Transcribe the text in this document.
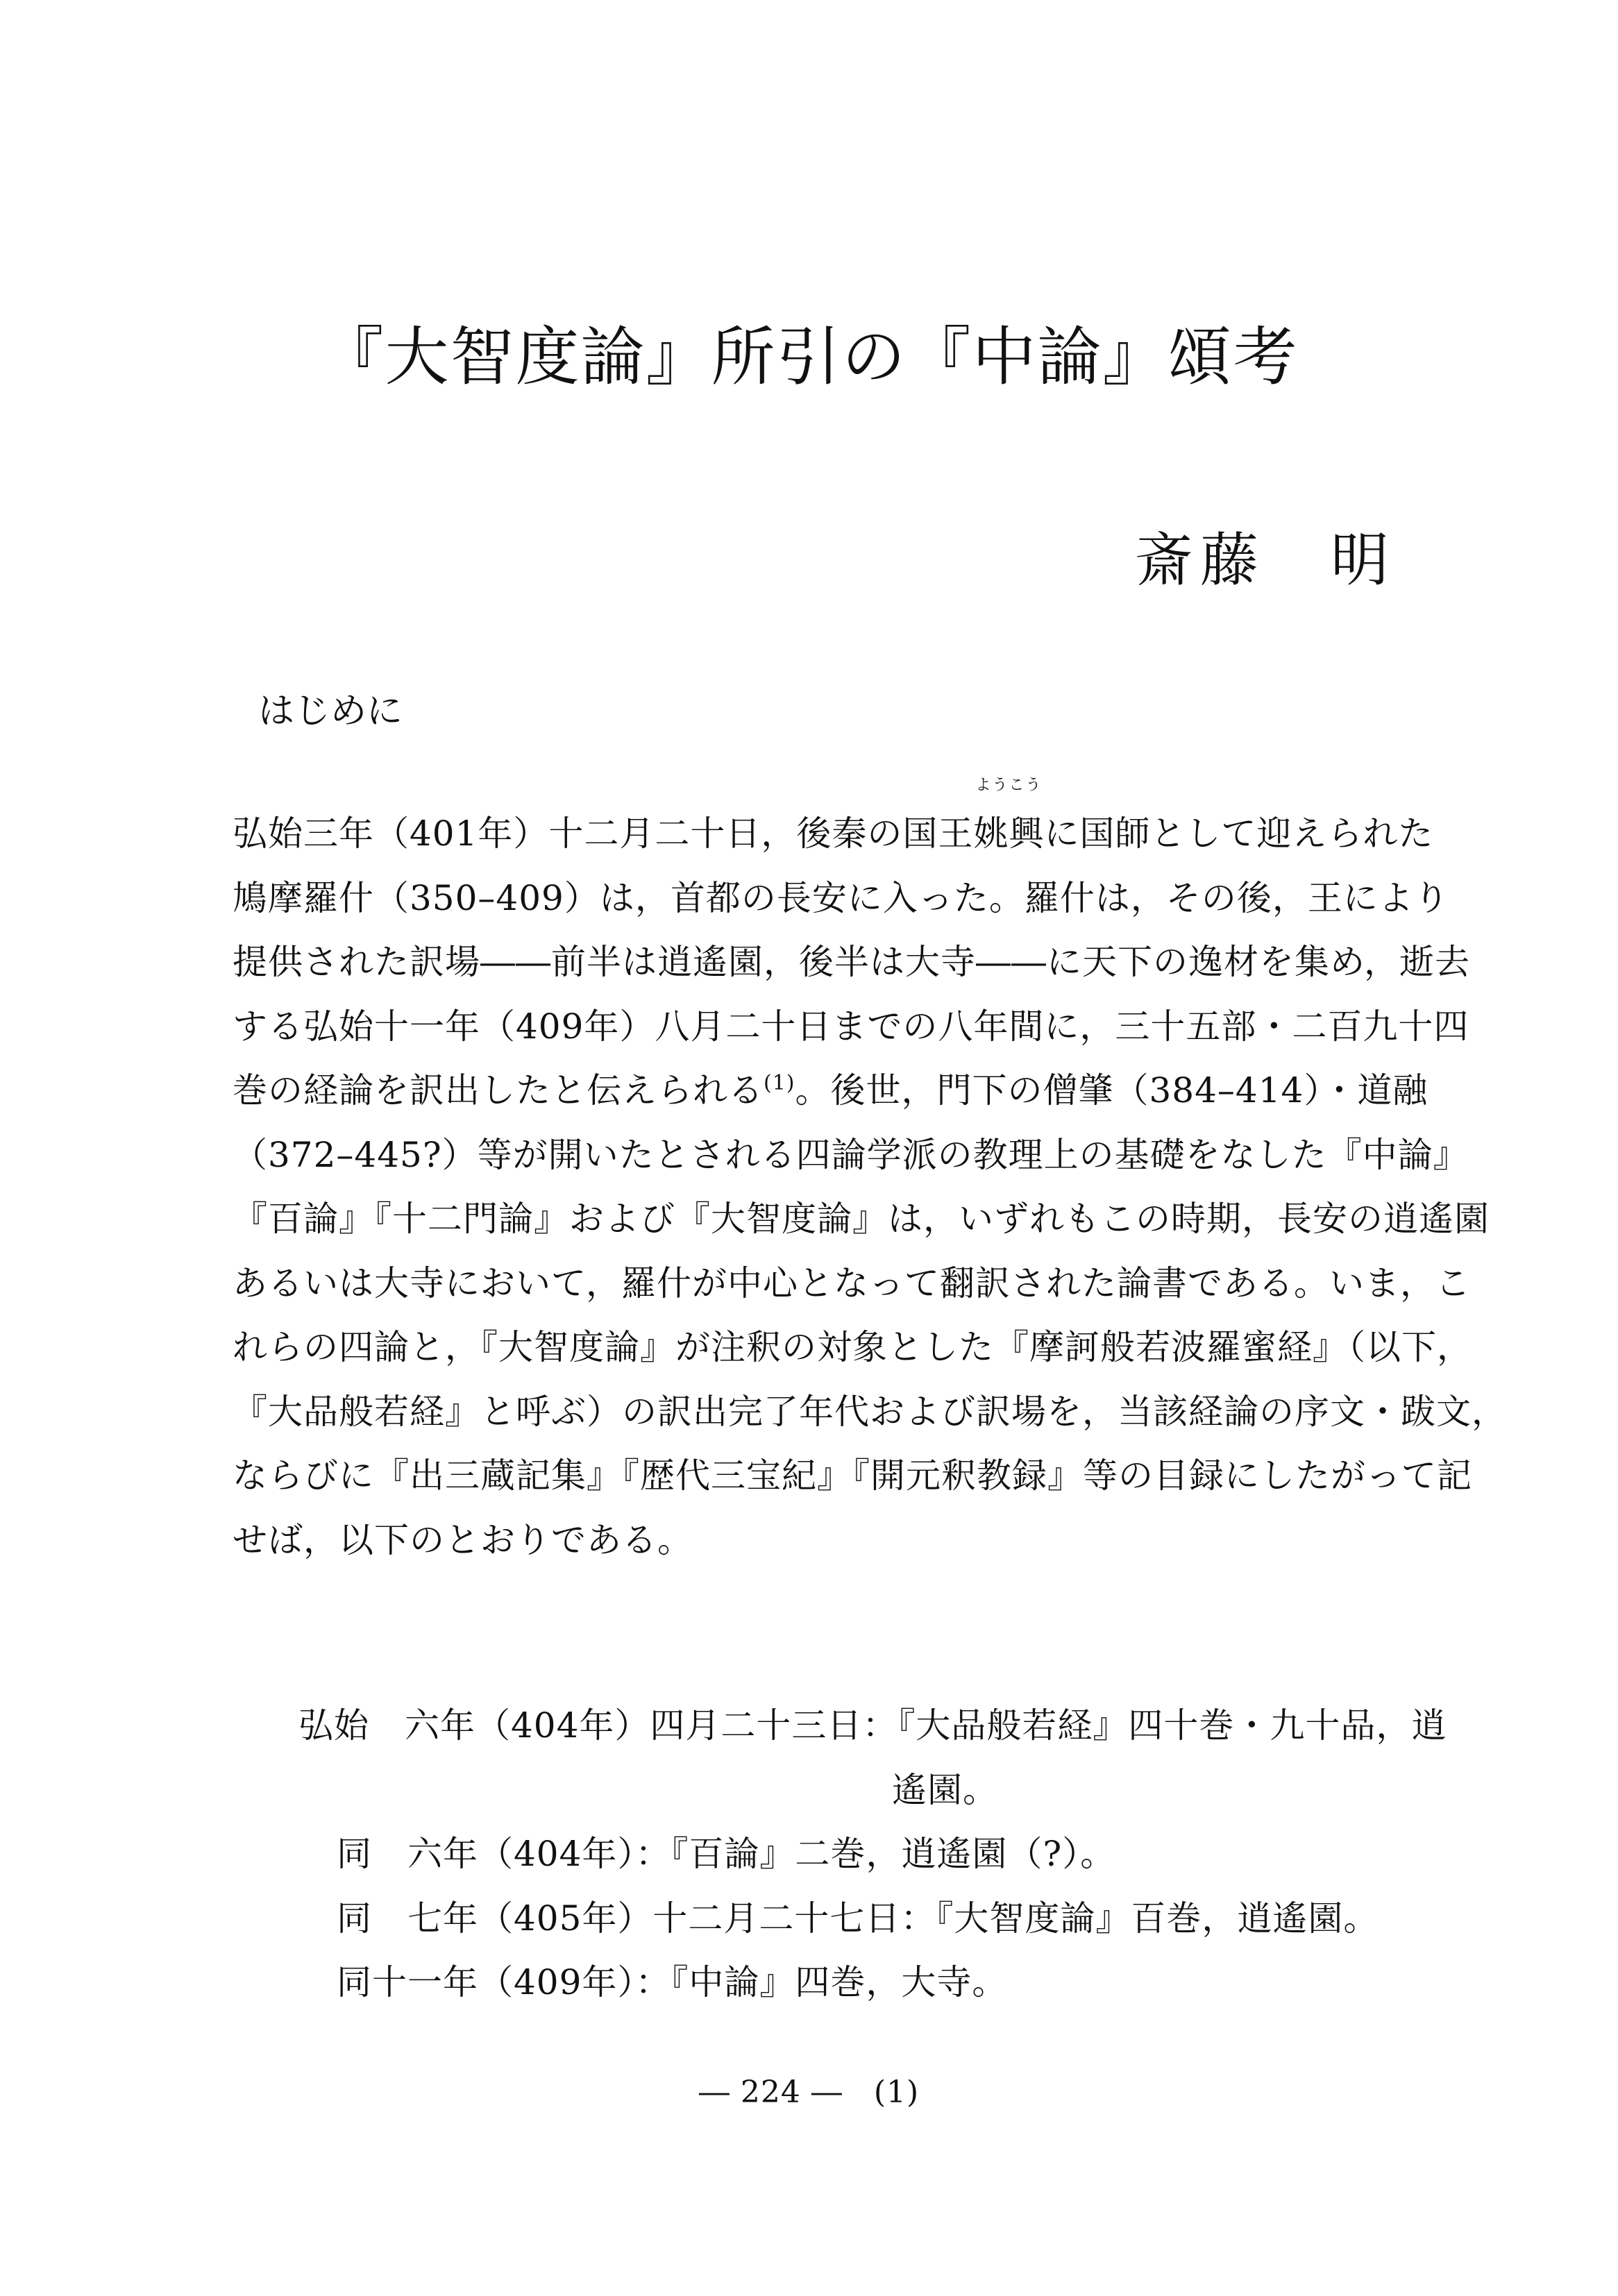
『大智度論』所引の『中論』頌考
斎藤　明
はじめに
弘始三年（401年）十二月二十日，後秦の国王
ようこう
姚興に国師として迎えられた
鳩摩羅什（350–409）は，首都の長安に入った。羅什は，その後，王により
提供された訳場――前半は逍遙園，後半は大寺――に天下の逸材を集め，逝去
する弘始十一年（409年）八月二十日までの八年間に，三十五部・二百九十四
巻の経論を訳出したと伝えられる$^{(1)}$。後世，門下の僧肇（384–414）・道融
（372–445?）等が開いたとされる四論学派の教理上の基礎をなした『中論』
『百論』『十二門論』および『大智度論』は，いずれもこの時期，長安の逍遙園
あるいは大寺において，羅什が中心となって翻訳された論書である。いま，こ
れらの四論と，『大智度論』が注釈の対象とした『摩訶般若波羅蜜経』（以下，
『大品般若経』と呼ぶ）の訳出完了年代および訳場を，当該経論の序文・跋文，
ならびに『出三蔵記集』『歴代三宝紀』『開元釈教録』等の目録にしたがって記
せば，以下のとおりである。
弘始　六年（404年）四月二十三日：『大品般若経』四十巻・九十品，逍
遙園。
同　六年（404年）：『百論』二巻，逍遙園（?）。
同　七年（405年）十二月二十七日：『大智度論』百巻，逍遙園。
同十一年（409年）：『中論』四巻，大寺。
― 224 ―　(1)
